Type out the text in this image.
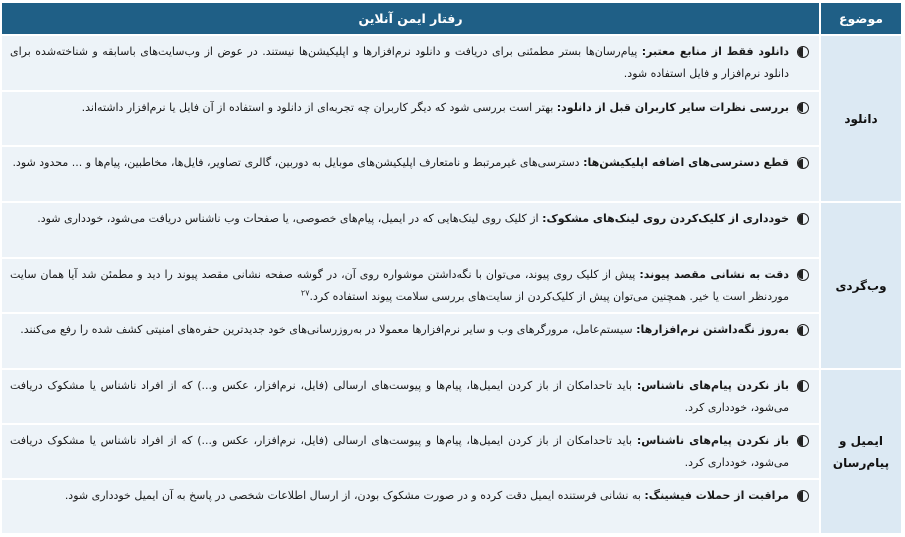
موضوع
رفتار ایمن آنلاین
دانلود
دانلود فقط از منابع معتبر: پیام‌رسان‌ها بستر مطمئنی برای دریافت و دانلود نرم‌افزارها و اپلیکیشن‌ها نیستند. در عوض از وب‌سایت‌های باسابقه و شناخته‌شده برای دانلود نرم‌افزار و فایل استفاده شود.
بررسی نظرات سایر کاربران قبل از دانلود: بهتر است بررسی شود که دیگر کاربران چه تجربه‌ای از دانلود و استفاده از آن فایل یا نرم‌افزار داشته‌اند.
قطع دسترسی‌های اضافه اپلیکیشن‌ها: دسترسی‌های غیرمرتبط و نامتعارف اپلیکیشن‌های موبایل به دوربین، گالری تصاویر، فایل‌ها، مخاطبین، پیام‌ها و ... محدود شود.
وب‌گردی
خودداری از کلیک‌کردن روی لینک‌های مشکوک: از کلیک روی لینک‌هایی که در ایمیل، پیام‌های خصوصی، یا صفحات وب ناشناس دریافت می‌شود، خودداری شود.
دقت به نشانی مقصد پیوند: پیش از کلیک روی پیوند، می‌توان با نگه‌داشتن موشواره روی آن، در گوشه صفحه نشانی مقصد پیوند را دید و مطمئن شد آیا همان سایت موردنظر است یا خیر. همچنین می‌توان پیش از کلیک‌کردن از سایت‌های بررسی سلامت پیوند استفاده کرد.$^{۲۷}$
به‌روز نگه‌داشتن نرم‌افزارها: سیستم‌عامل، مرورگرهای وب و سایر نرم‌افزارها معمولا در به‌روزرسانی‌های خود جدیدترین حفره‌های امنیتی کشف شده را رفع می‌کنند.
ایمیل و پیام‌رسان
باز نکردن پیام‌های ناشناس: باید تاحدامکان از باز کردن ایمیل‌ها، پیام‌ها و پیوست‌های ارسالی (فایل، نرم‌افزار، عکس و...) که از افراد ناشناس یا مشکوک دریافت می‌شود، خودداری کرد.
باز نکردن پیام‌های ناشناس: باید تاحدامکان از باز کردن ایمیل‌ها، پیام‌ها و پیوست‌های ارسالی (فایل، نرم‌افزار، عکس و...) که از افراد ناشناس یا مشکوک دریافت می‌شود، خودداری کرد.
مراقبت از حملات فیشینگ: به نشانی فرستنده ایمیل دقت کرده و در صورت مشکوک بودن، از ارسال اطلاعات شخصی در پاسخ به آن ایمیل خودداری شود.
